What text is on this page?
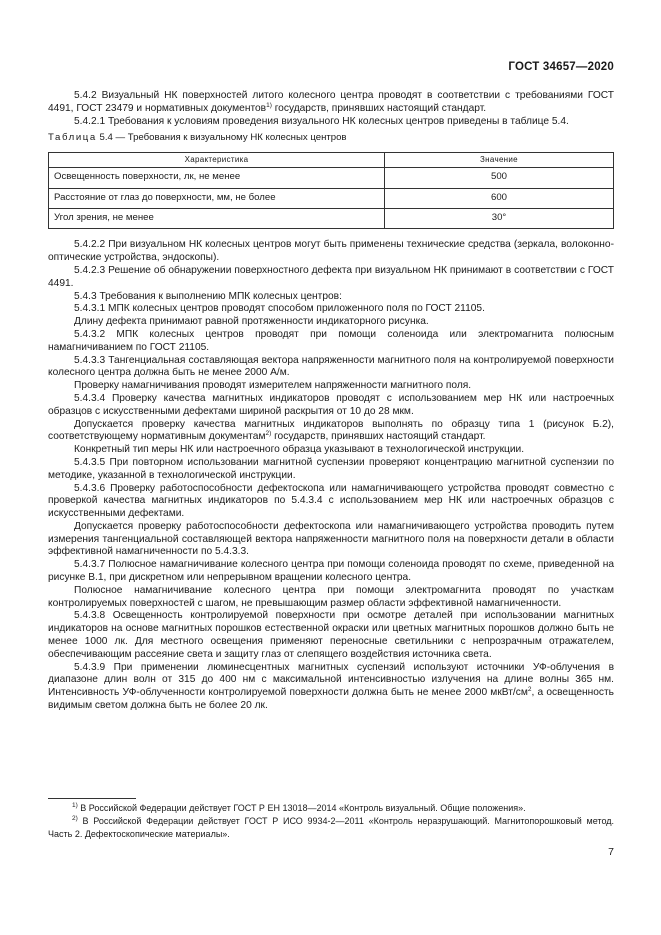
ГОСТ 34657—2020

5.4.2 Визуальный НК поверхностей литого колесного центра проводят в соответствии с требованиями ГОСТ 4491, ГОСТ 23479 и нормативных документов$^{1)}$ государств, принявших настоящий стандарт.

5.4.2.1 Требования к условиям проведения визуального НК колесных центров приведены в таблице 5.4.

Таблица 5.4 — Требования к визуальному НК колесных центров
Характеристика	Значение
Освещенность поверхности, лк, не менее	500
Расстояние от глаз до поверхности, мм, не более	600
Угол зрения, не менее	30°

5.4.2.2 При визуальном НК колесных центров могут быть применены технические средства (зеркала, волоконно-оптические устройства, эндоскопы).

5.4.2.3 Решение об обнаружении поверхностного дефекта при визуальном НК принимают в соответствии с ГОСТ 4491.

5.4.3 Требования к выполнению МПК колесных центров:

5.4.3.1 МПК колесных центров проводят способом приложенного поля по ГОСТ 21105.

Длину дефекта принимают равной протяженности индикаторного рисунка.

5.4.3.2 МПК колесных центров проводят при помощи соленоида или электромагнита полюсным намагничиванием по ГОСТ 21105.

5.4.3.3 Тангенциальная составляющая вектора напряженности магнитного поля на контролируемой поверхности колесного центра должна быть не менее 2000 А/м.

Проверку намагничивания проводят измерителем напряженности магнитного поля.

5.4.3.4 Проверку качества магнитных индикаторов проводят с использованием мер НК или настроечных образцов с искусственными дефектами шириной раскрытия от 10 до 28 мкм.

Допускается проверку качества магнитных индикаторов выполнять по образцу типа 1 (рисунок Б.2), соответствующему нормативным документам$^{2)}$ государств, принявших настоящий стандарт.

Конкретный тип меры НК или настроечного образца указывают в технологической инструкции.

5.4.3.5 При повторном использовании магнитной суспензии проверяют концентрацию магнитной суспензии по методике, указанной в технологической инструкции.

5.4.3.6 Проверку работоспособности дефектоскопа или намагничивающего устройства проводят совместно с проверкой качества магнитных индикаторов по 5.4.3.4 с использованием мер НК или настроечных образцов с искусственными дефектами.

Допускается проверку работоспособности дефектоскопа или намагничивающего устройства проводить путем измерения тангенциальной составляющей вектора напряженности магнитного поля на поверхности детали в области эффективной намагниченности по 5.4.3.3.

5.4.3.7 Полюсное намагничивание колесного центра при помощи соленоида проводят по схеме, приведенной на рисунке В.1, при дискретном или непрерывном вращении колесного центра.

Полюсное намагничивание колесного центра при помощи электромагнита проводят по участкам контролируемых поверхностей с шагом, не превышающим размер области эффективной намагниченности.

5.4.3.8 Освещенность контролируемой поверхности при осмотре деталей при использовании магнитных индикаторов на основе магнитных порошков естественной окраски или цветных магнитных порошков должно быть не менее 1000 лк. Для местного освещения применяют переносные светильники с непрозрачным отражателем, обеспечивающим рассеяние света и защиту глаз от слепящего воздействия источника света.

5.4.3.9 При применении люминесцентных магнитных суспензий используют источники УФ-облучения в диапазоне длин волн от 315 до 400 нм с максимальной интенсивностью излучения на длине волны 365 нм. Интенсивность УФ-облученности контролируемой поверхности должна быть не менее 2000 мкВт/$см^2$, а освещенность видимым светом должна быть не более 20 лк.

$^{1)}$ В Российской Федерации действует ГОСТ Р ЕН 13018—2014 «Контроль визуальный. Общие положения».

$^{2)}$ В Российской Федерации действует ГОСТ Р ИСО 9934-2—2011 «Контроль неразрушающий. Магнитопорошковый метод. Часть 2. Дефектоскопические материалы».

7
